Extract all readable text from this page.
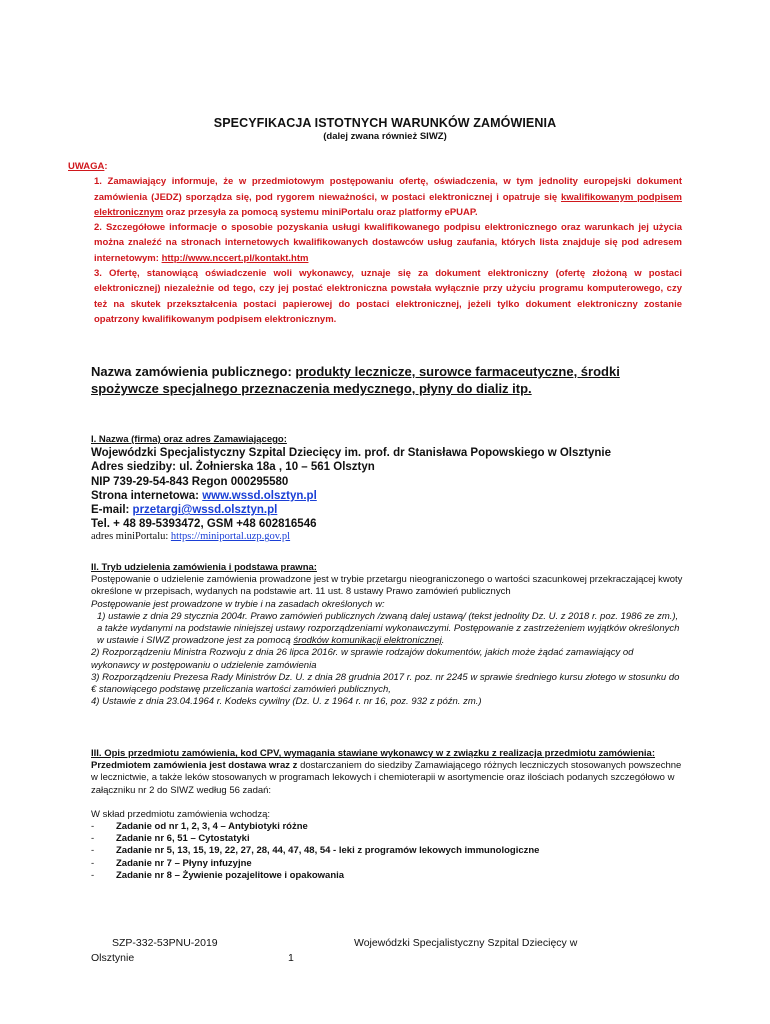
SPECYFIKACJA ISTOTNYCH WARUNKÓW ZAMÓWIENIA
(dalej zwana również SIWZ)
UWAGA:
1. Zamawiający informuje, że w przedmiotowym postępowaniu ofertę, oświadczenia, w tym jednolity europejski dokument zamówienia (JEDZ) sporządza się, pod rygorem nieważności, w postaci elektronicznej i opatruje się kwalifikowanym podpisem elektronicznym oraz przesyła za pomocą systemu miniPortalu oraz platformy ePUAP.
2. Szczegółowe informacje o sposobie pozyskania usługi kwalifikowanego podpisu elektronicznego oraz warunkach jej użycia można znaleźć na stronach internetowych kwalifikowanych dostawców usług zaufania, których lista znajduje się pod adresem internetowym: http://www.nccert.pl/kontakt.htm
3. Ofertę, stanowiącą oświadczenie woli wykonawcy, uznaje się za dokument elektroniczny (ofertę złożoną w postaci elektronicznej) niezależnie od tego, czy jej postać elektroniczna powstała wyłącznie przy użyciu programu komputerowego, czy też na skutek przekształcenia postaci papierowej do postaci elektronicznej, jeżeli tylko dokument elektroniczny zostanie opatrzony kwalifikowanym podpisem elektronicznym.
Nazwa zamówienia publicznego: produkty lecznicze, surowce farmaceutyczne, środki spożywcze specjalnego przeznaczenia medycznego, płyny do dializ itp.
I. Nazwa (firma) oraz adres Zamawiającego:
Wojewódzki Specjalistyczny Szpital Dziecięcy im. prof. dr Stanisława Popowskiego w Olsztynie
Adres siedziby: ul. Żołnierska 18a , 10 – 561 Olsztyn
NIP 739-29-54-843 Regon 000295580
Strona internetowa: www.wssd.olsztyn.pl
E-mail: przetargi@wssd.olsztyn.pl
Tel. + 48 89-5393472, GSM +48 602816546
adres miniPortalu: https://miniportal.uzp.gov.pl
II. Tryb udzielenia zamówienia i podstawa prawna:
Postępowanie o udzielenie zamówienia prowadzone jest w trybie przetargu nieograniczonego o wartości szacunkowej przekraczającej kwoty określone w przepisach, wydanych na podstawie art. 11 ust. 8 ustawy Prawo zamówień publicznych
Postępowanie jest prowadzone w trybie i na zasadach określonych w:
1) ustawie z dnia 29 stycznia 2004r. Prawo zamówień publicznych /zwaną dalej ustawą/ (tekst jednolity Dz. U. z 2018 r. poz. 1986 ze zm.), a także wydanymi na podstawie niniejszej ustawy rozporządzeniami wykonawczymi. Postępowanie z zastrzeżeniem wyjątków określonych w ustawie i SIWZ prowadzone jest za pomocą środków komunikacji elektronicznej.
2) Rozporządzeniu Ministra Rozwoju z dnia 26 lipca 2016r. w sprawie rodzajów dokumentów, jakich może żądać zamawiający od wykonawcy w postępowaniu o udzielenie zamówienia
3) Rozporządzeniu Prezesa Rady Ministrów Dz. U. z dnia 28 grudnia 2017 r. poz. nr 2245 w sprawie średniego kursu złotego w stosunku do € stanowiącego podstawę przeliczania wartości zamówień publicznych,
4) Ustawie z dnia 23.04.1964 r. Kodeks cywilny (Dz. U. z 1964 r. nr 16, poz. 932 z późn. zm.)
III. Opis przedmiotu zamówienia, kod CPV, wymagania stawiane wykonawcy w z związku z realizacja przedmiotu zamówienia:
Przedmiotem zamówienia jest dostawa wraz z dostarczaniem do siedziby Zamawiającego różnych leczniczych stosowanych powszechne w lecznictwie, a także leków stosowanych w programach lekowych i chemioterapii w asortymencie oraz ilościach podanych szczegółowo w załączniku nr 2 do SIWZ według 56 zadań:
W skład przedmiotu zamówienia wchodzą:
- Zadanie od nr 1, 2, 3, 4 – Antybiotyki różne
- Zadanie nr 6, 51 – Cytostatyki
- Zadanie nr 5, 13, 15, 19, 22, 27, 28, 44, 47, 48, 54 - leki z programów lekowych immunologiczne
- Zadanie nr 7 – Płyny infuzyjne
- Zadanie nr 8 – Żywienie pozajelitowe i opakowania
SZP-332-53PNU-2019	Wojewódzki Specjalistyczny Szpital Dziecięcy w
Olsztynie	1
